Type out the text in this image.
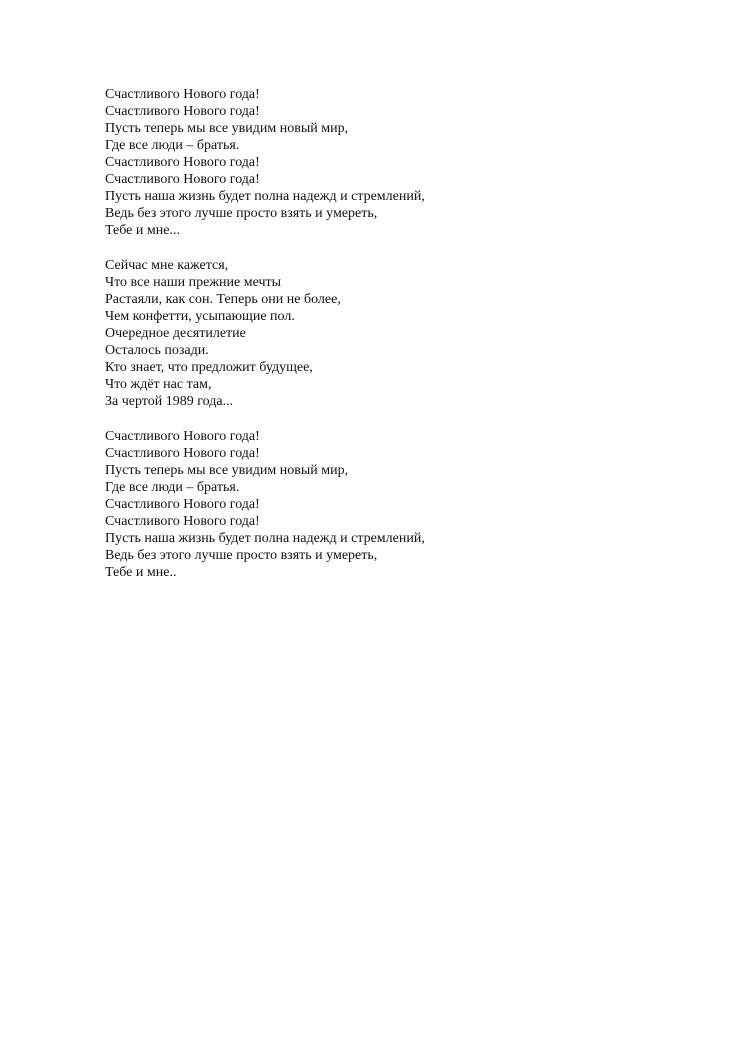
Счастливого Нового года!
Счастливого Нового года!
Пусть теперь мы все увидим новый мир,
Где все люди – братья.
Счастливого Нового года!
Счастливого Нового года!
Пусть наша жизнь будет полна надежд и стремлений,
Ведь без этого лучше просто взять и умереть,
Тебе и мне...
Сейчас мне кажется,
Что все наши прежние мечты
Растаяли, как сон. Теперь они не более,
Чем конфетти, усыпающие пол.
Очередное десятилетие
Осталось позади.
Кто знает, что предложит будущее,
Что ждёт нас там,
За чертой 1989 года...
Счастливого Нового года!
Счастливого Нового года!
Пусть теперь мы все увидим новый мир,
Где все люди – братья.
Счастливого Нового года!
Счастливого Нового года!
Пусть наша жизнь будет полна надежд и стремлений,
Ведь без этого лучше просто взять и умереть,
Тебе и мне..
